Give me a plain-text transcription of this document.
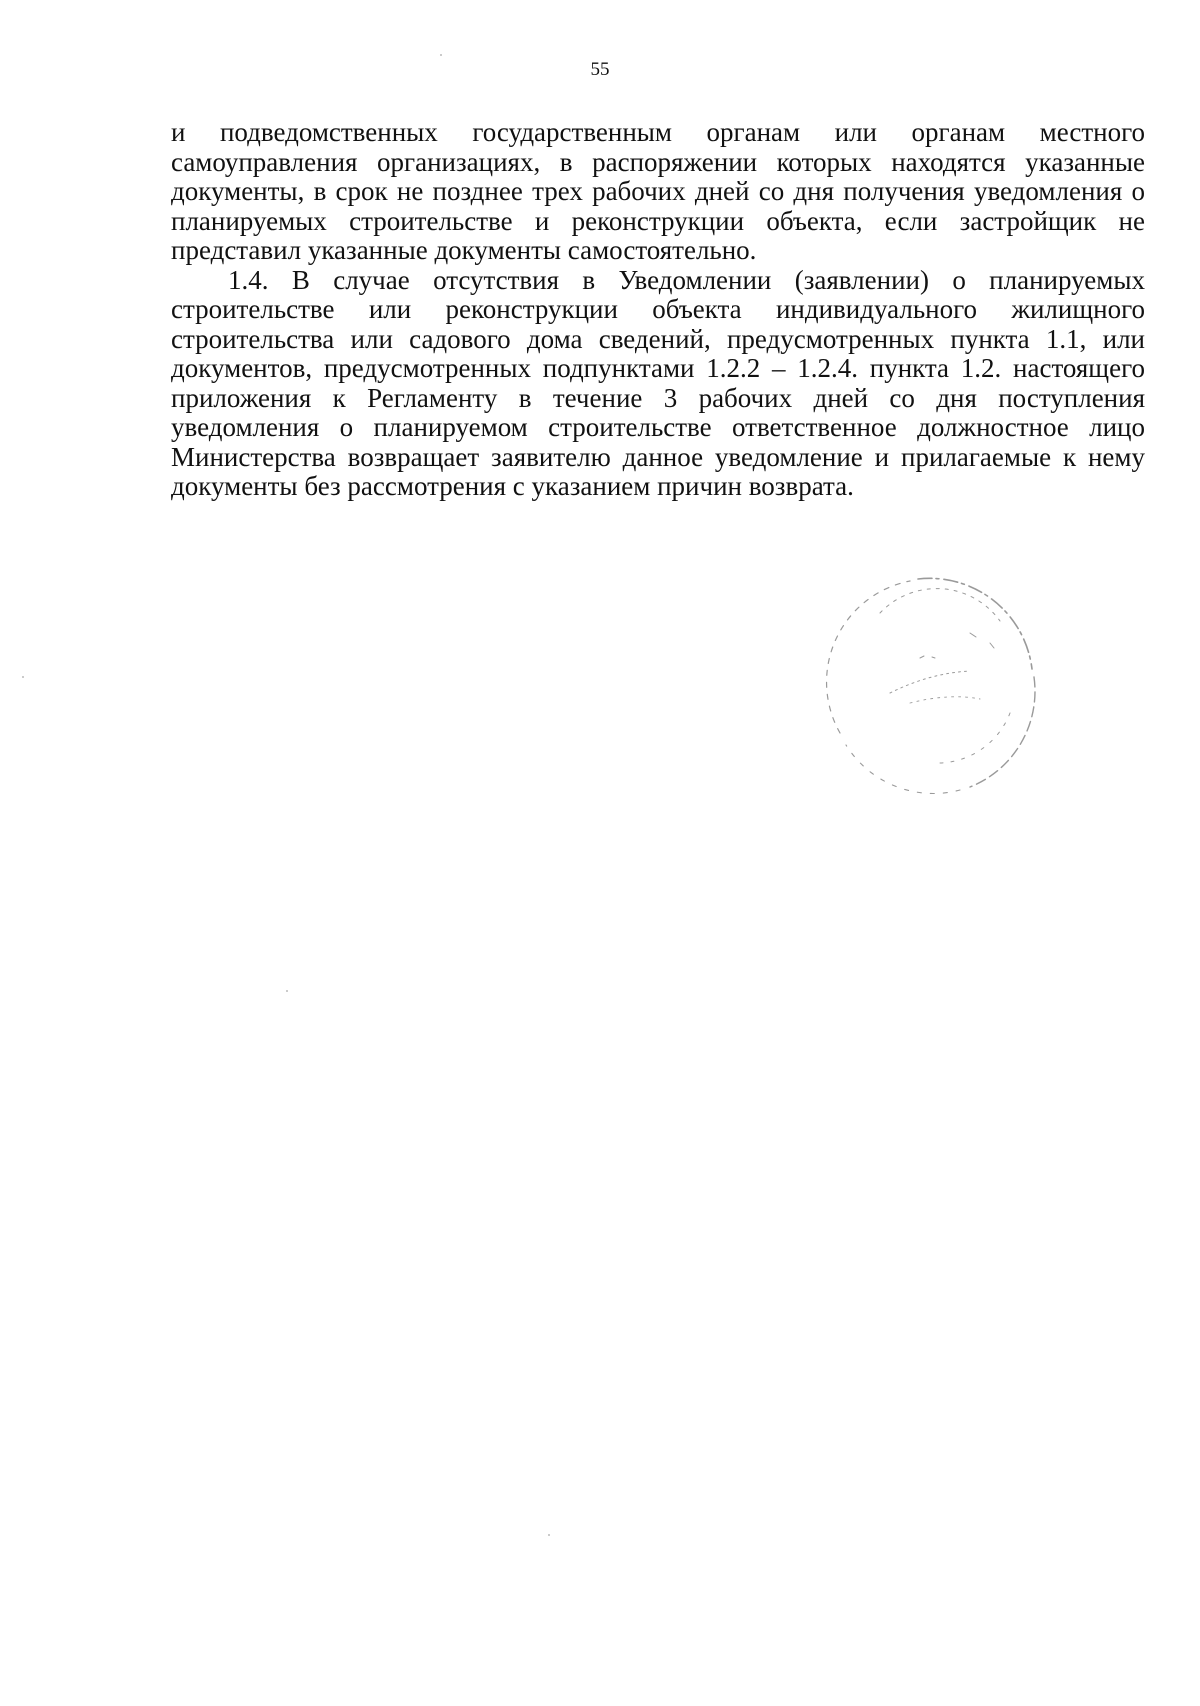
55

и подведомственных государственным органам или органам местного самоуправления организациях, в распоряжении которых находятся указанные документы, в срок не позднее трех рабочих дней со дня получения уведомления о планируемых строительстве и реконструкции объекта, если застройщик не представил указанные документы самостоятельно.

1.4. В случае отсутствия в Уведомлении (заявлении) о планируемых строительстве или реконструкции объекта индивидуального жилищного строительства или садового дома сведений, предусмотренных пункта 1.1, или документов, предусмотренных подпунктами 1.2.2 – 1.2.4. пункта 1.2. настоящего приложения к Регламенту в течение 3 рабочих дней со дня поступления уведомления о планируемом строительстве ответственное должностное лицо Министерства возвращает заявителю данное уведомление и прилагаемые к нему документы без рассмотрения с указанием причин возврата.
